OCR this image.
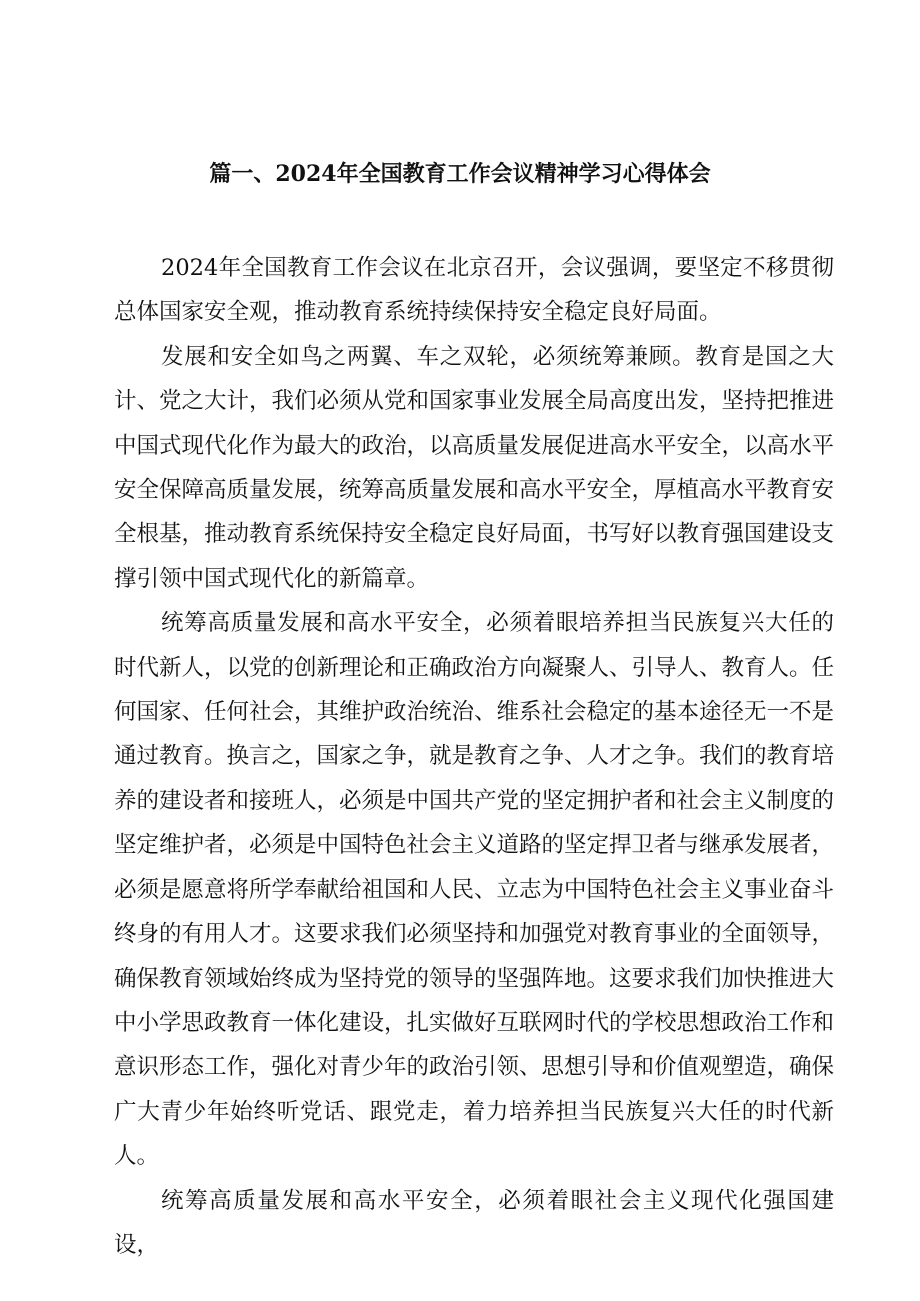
篇一、2024年全国教育工作会议精神学习心得体会

2024年全国教育工作会议在北京召开，会议强调，要坚定不移贯彻总体国家安全观，推动教育系统持续保持安全稳定良好局面。

发展和安全如鸟之两翼、车之双轮，必须统筹兼顾。教育是国之大计、党之大计，我们必须从党和国家事业发展全局高度出发，坚持把推进中国式现代化作为最大的政治，以高质量发展促进高水平安全，以高水平安全保障高质量发展，统筹高质量发展和高水平安全，厚植高水平教育安全根基，推动教育系统保持安全稳定良好局面，书写好以教育强国建设支撑引领中国式现代化的新篇章。

统筹高质量发展和高水平安全，必须着眼培养担当民族复兴大任的时代新人，以党的创新理论和正确政治方向凝聚人、引导人、教育人。任何国家、任何社会，其维护政治统治、维系社会稳定的基本途径无一不是通过教育。换言之，国家之争，就是教育之争、人才之争。我们的教育培养的建设者和接班人，必须是中国共产党的坚定拥护者和社会主义制度的坚定维护者，必须是中国特色社会主义道路的坚定捍卫者与继承发展者，必须是愿意将所学奉献给祖国和人民、立志为中国特色社会主义事业奋斗终身的有用人才。这要求我们必须坚持和加强党对教育事业的全面领导，确保教育领域始终成为坚持党的领导的坚强阵地。这要求我们加快推进大中小学思政教育一体化建设，扎实做好互联网时代的学校思想政治工作和意识形态工作，强化对青少年的政治引领、思想引导和价值观塑造，确保广大青少年始终听党话、跟党走，着力培养担当民族复兴大任的时代新人。

统筹高质量发展和高水平安全，必须着眼社会主义现代化强国建设，
